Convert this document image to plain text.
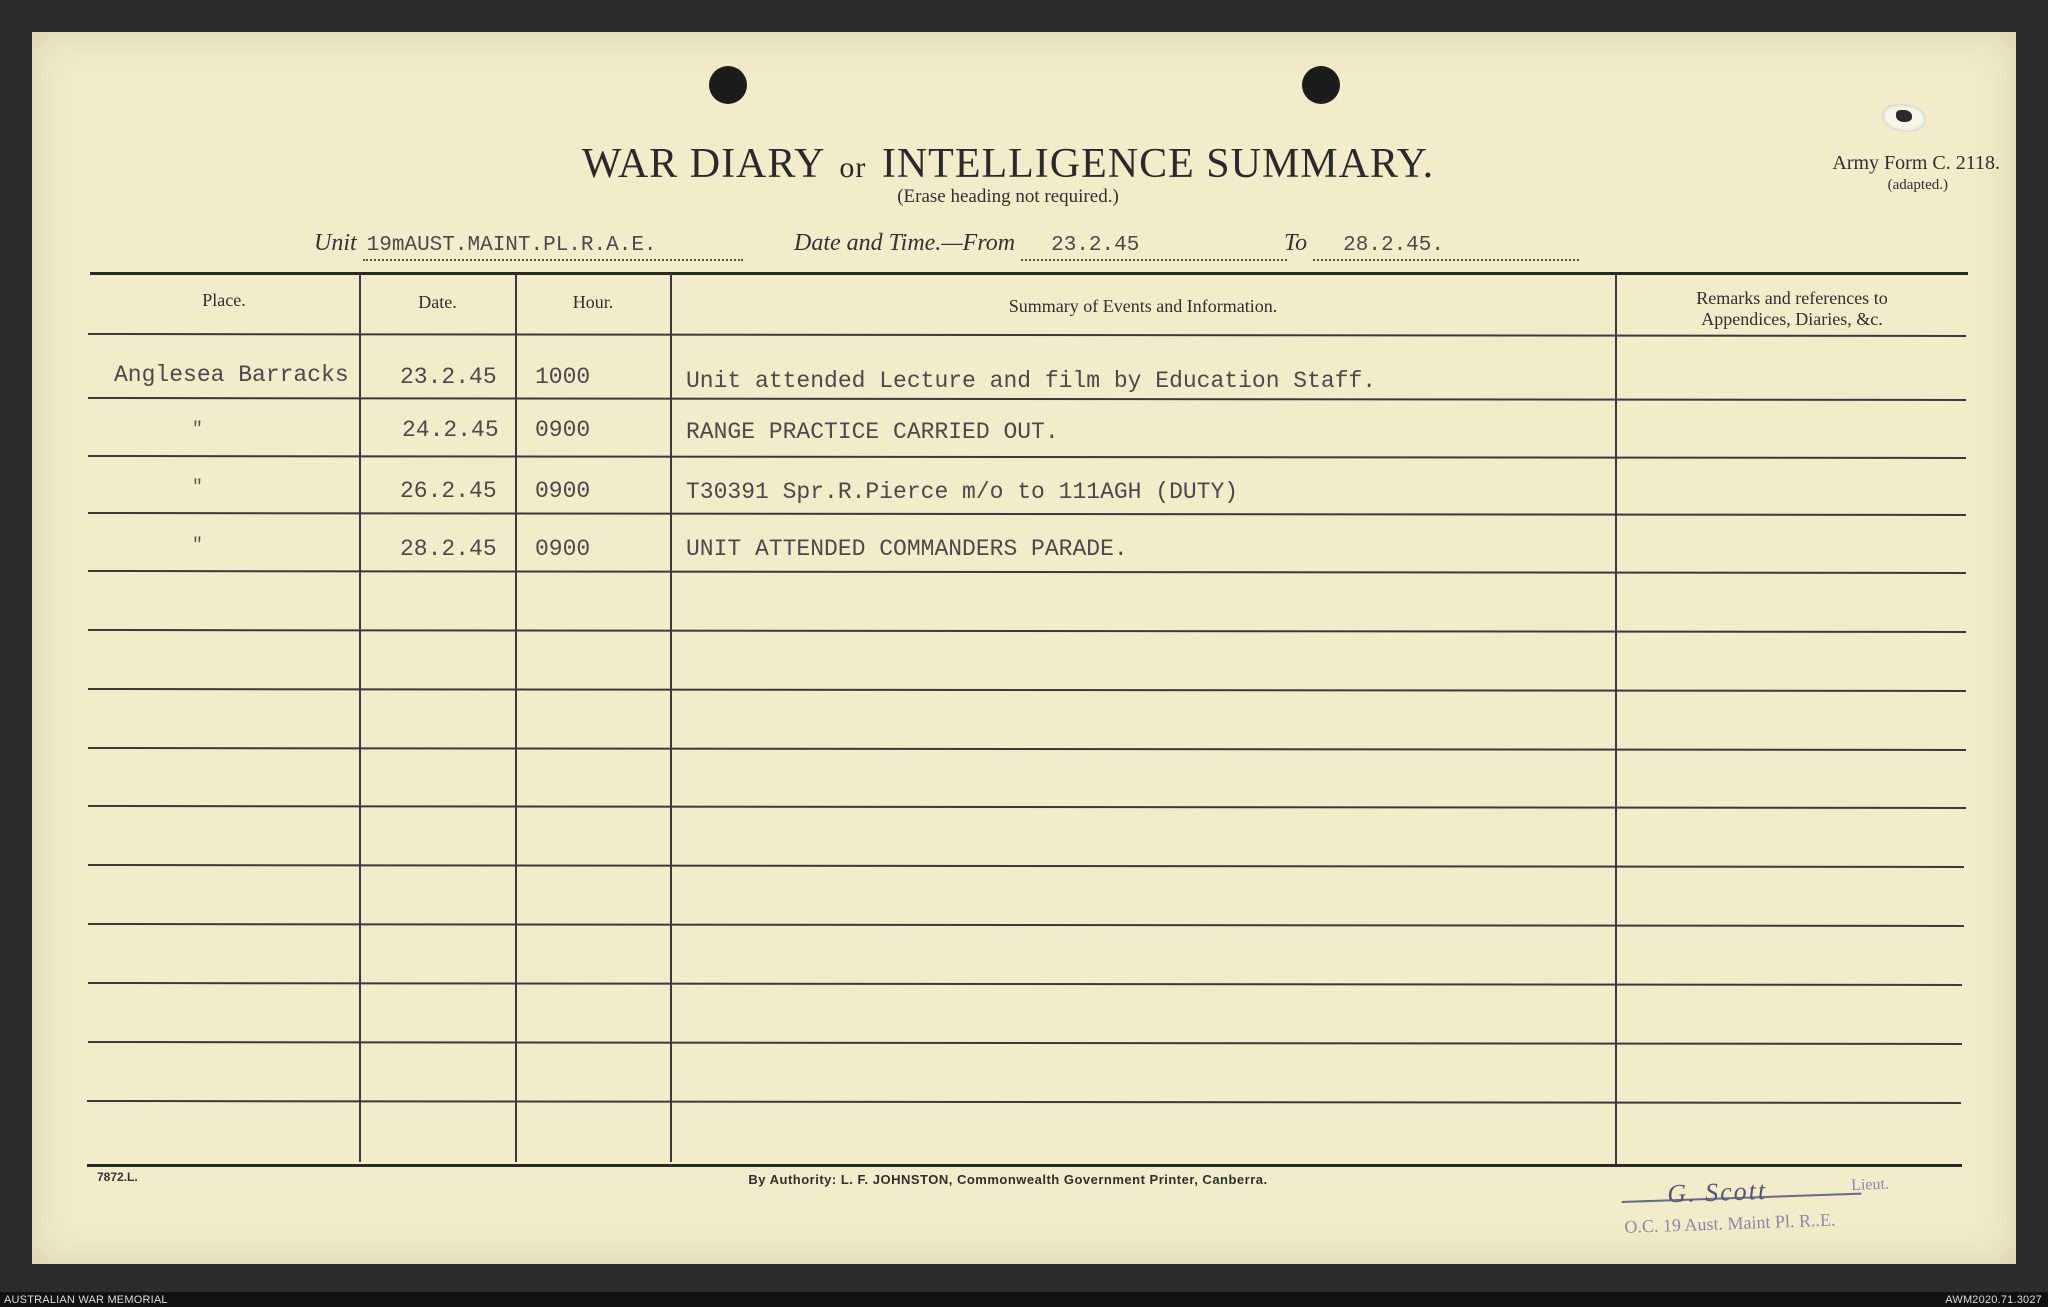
WAR DIARY or INTELLIGENCE SUMMARY.
(Erase heading not required.)
Army Form C. 2118.
(adapted.)
Unit 19mAUST.MAINT.PL.R.A.E.	Date and Time.—From 23.2.45	To 28.2.45.
Place.	Date.	Hour.	Summary of Events and Information.	Remarks and references to
Appendices, Diaries, &c.
Anglesea Barracks 23.2.45 1000	Unit attended Lecture and film by Education Staff.
"	24.2.45 0900	RANGE PRACTICE CARRIED OUT.
"	26.2.45 0900	T30391 Spr.R.Pierce m/o to 111AGH (DUTY)
"	28.2.45 0900	UNIT ATTENDED COMMANDERS PARADE.
7872.L.	By Authority: L. F. JOHNSTON, Commonwealth Government Printer, Canberra.	G. Scott	Lieut.
O.C. 19 Aust. Maint Pl. R..E.
AUSTRALIAN WAR MEMORIAL	AWM2020.71.3027
